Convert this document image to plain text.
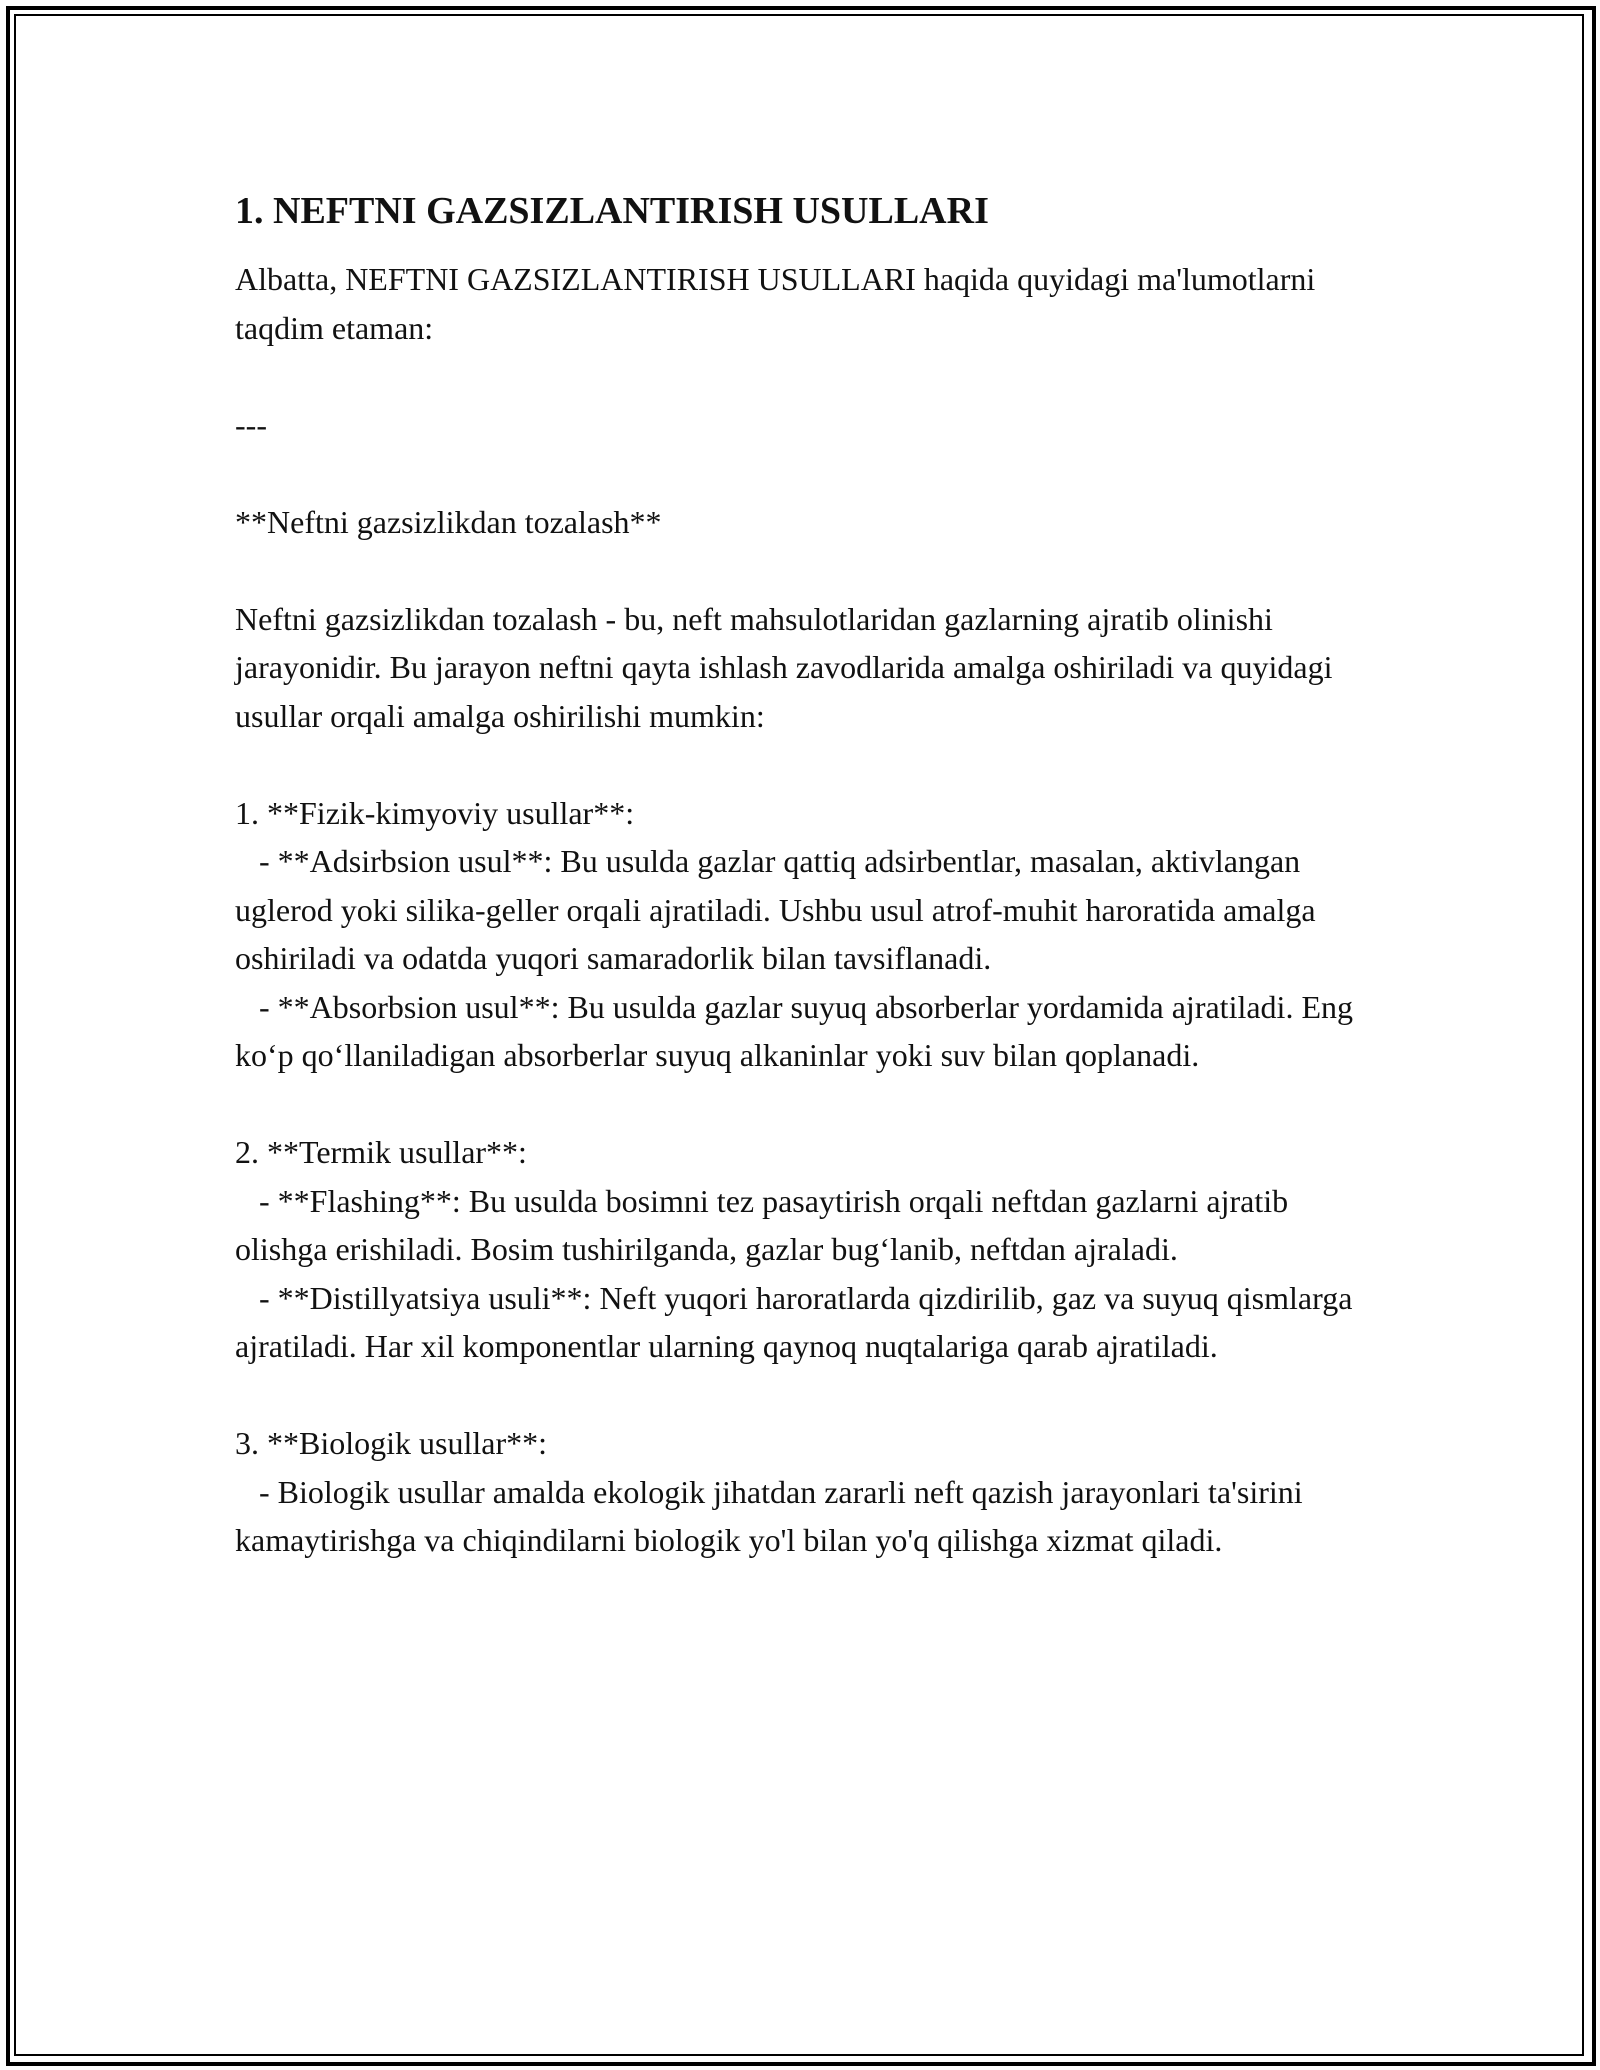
1. NEFTNI GAZSIZLANTIRISH USULLARI

Albatta, NEFTNI GAZSIZLANTIRISH USULLARI haqida quyidagi ma'lumotlarni taqdim etaman:

---

**Neftni gazsizlikdan tozalash**

Neftni gazsizlikdan tozalash - bu, neft mahsulotlaridan gazlarning ajratib olinishi jarayonidir. Bu jarayon neftni qayta ishlash zavodlarida amalga oshiriladi va quyidagi usullar orqali amalga oshirilishi mumkin:

1. **Fizik-kimyoviy usullar**:

- **Adsirbsion usul**: Bu usulda gazlar qattiq adsirbentlar, masalan, aktivlangan uglerod yoki silika-geller orqali ajratiladi. Ushbu usul atrof-muhit haroratida amalga oshiriladi va odatda yuqori samaradorlik bilan tavsiflanadi.

- **Absorbsion usul**: Bu usulda gazlar suyuq absorberlar yordamida ajratiladi. Eng ko‘p qo‘llaniladigan absorberlar suyuq alkaninlar yoki suv bilan qoplanadi.

2. **Termik usullar**:

- **Flashing**: Bu usulda bosimni tez pasaytirish orqali neftdan gazlarni ajratib olishga erishiladi. Bosim tushirilganda, gazlar bug‘lanib, neftdan ajraladi.

- **Distillyatsiya usuli**: Neft yuqori haroratlarda qizdirilib, gaz va suyuq qismlarga ajratiladi. Har xil komponentlar ularning qaynoq nuqtalariga qarab ajratiladi.

3. **Biologik usullar**:

- Biologik usullar amalda ekologik jihatdan zararli neft qazish jarayonlari ta'sirini kamaytirishga va chiqindilarni biologik yo'l bilan yo'q qilishga xizmat qiladi.
